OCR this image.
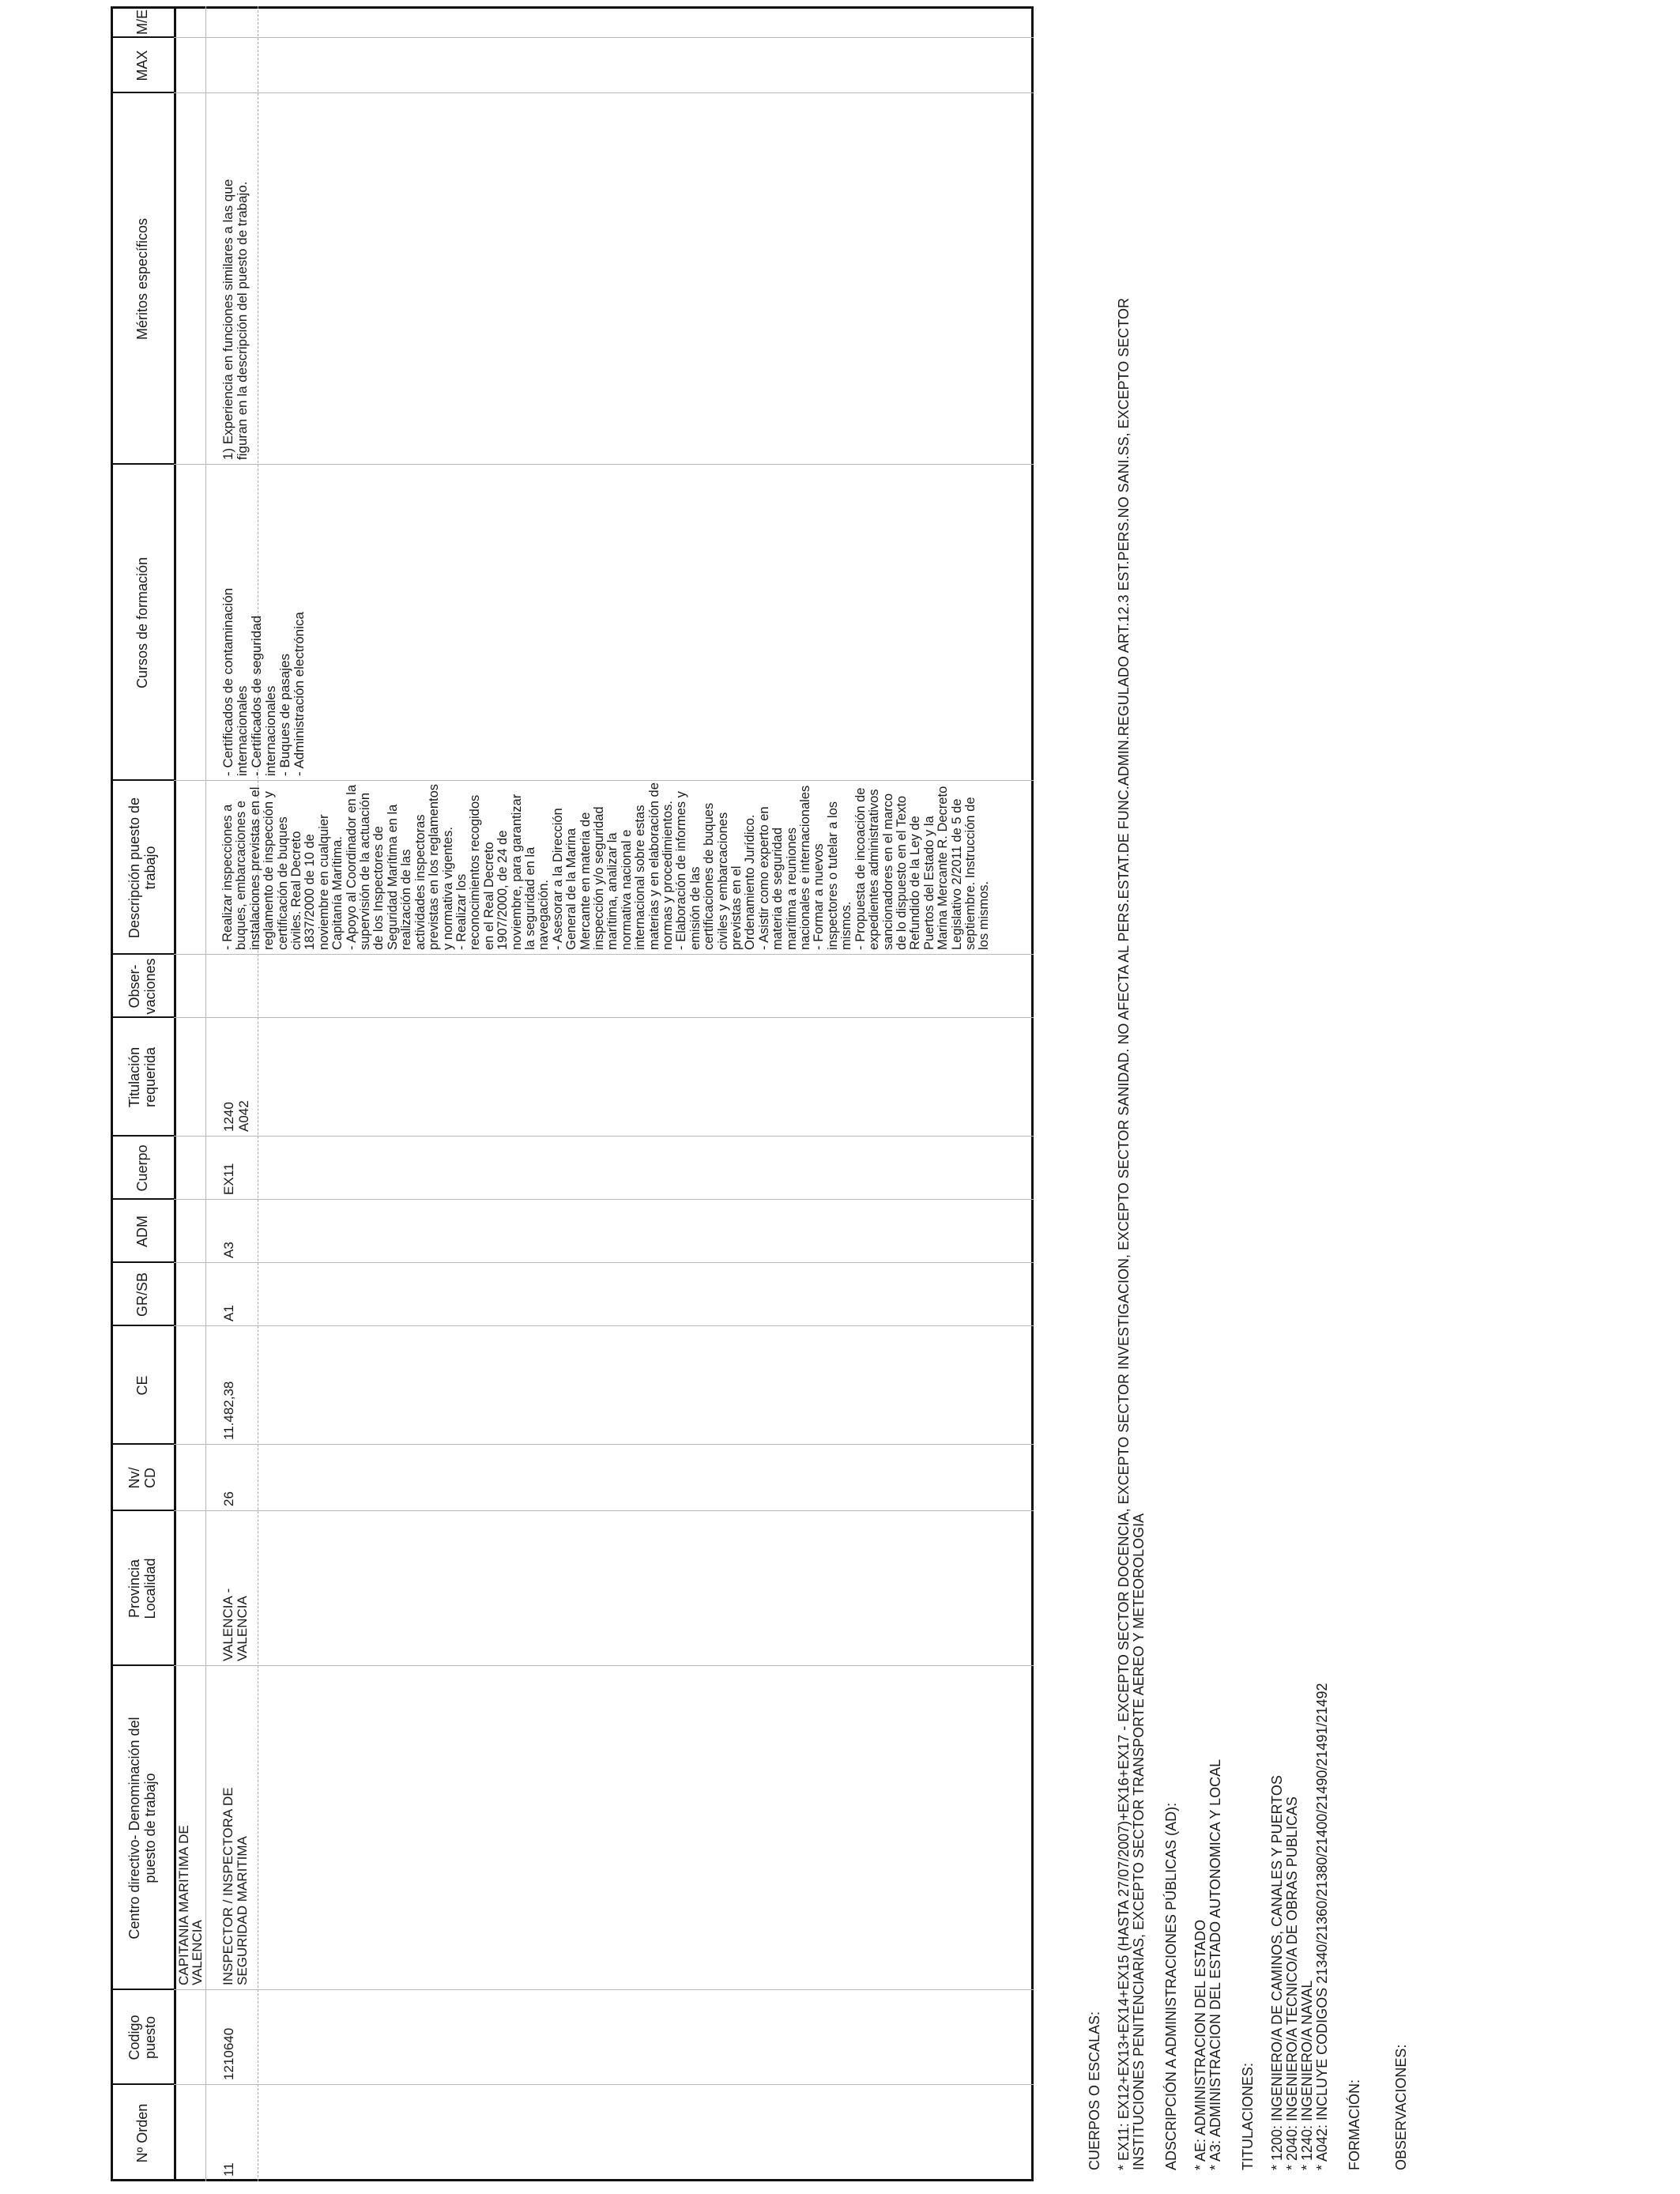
Nº Orden
Codigo puesto
Centro directivo- Denominación del puesto de trabajo
Provincia Localidad
Nv/ CD
CE
GR/SB
ADM
Cuerpo
Titulación requerida
Obser- vaciones
Descripción puesto de trabajo
Cursos de formación
Méritos específicos
MAX
M/E
CAPITANIA MARITIMA DE VALENCIA
11
1210640
INSPECTOR / INSPECTORA DE SEGURIDAD MARITIMA
VALENCIA - VALENCIA
26
11.482,38
A1
A3
EX11
1240
A042
- Realizar inspecciones a buques, embarcaciones e instalaciones previstas en el reglamento de inspección y certificación de buques civiles. Real Decreto 1837/2000 de 10 de noviembre en cualquier Capitanía Marítima.
- Apoyo al Coordinador en la supervisión de la actuación de los Inspectores de Seguridad Marítima en la realización de las actividades inspectoras previstas en los reglamentos y normativa vigentes.
- Realizar los reconocimientos recogidos en el Real Decreto 1907/2000, de 24 de noviembre, para garantizar la seguridad en la navegación.
- Asesorar a la Dirección General de la Marina Mercante en materia de inspección y/o seguridad marítima, analizar la normativa nacional e internacional sobre estas materias y en elaboración de normas y procedimientos.
- Elaboración de informes y emisión de las certificaciones de buques civiles y embarcaciones previstas en el Ordenamiento Jurídico.
- Asistir como experto en materia de seguridad marítima a reuniones nacionales e internacionales
- Formar a nuevos inspectores o tutelar a los mismos.
- Propuesta de incoación de expedientes administrativos sancionadores en el marco de lo dispuesto en el Texto Refundido de la Ley de Puertos del Estado y la Marina Mercante R. Decreto Legislativo 2/2011 de 5 de septiembre. Instrucción de los mismos.
- Certificados de contaminación internacionales
- Certificados de seguridad internacionales
- Buques de pasajes
- Administración electrónica
1) Experiencia en funciones similares a las que figuran en la descripción del puesto de trabajo.

CUERPOS O ESCALAS: * EX11: EX12+EX13+EX14+EX15 (HASTA 27/07/2007)+EX16+EX17 - EXCEPTO SECTOR DOCENCIA, EXCEPTO SECTOR INVESTIGACION, EXCEPTO SECTOR SANIDAD. NO AFECTA AL PERS.ESTAT.DE FUNC.ADMIN.REGULADO ART.12.3 EST.PERS.NO SANI.SS, EXCEPTO SECTOR INSTITUCIONES PENITENCIARIAS, EXCEPTO SECTOR TRANSPORTE AEREO Y METEOROLOGIA ADSCRIPCIÓN A ADMINISTRACIONES PÚBLICAS (AD): * AE: ADMINISTRACION DEL ESTADO * A3: ADMINISTRACION DEL ESTADO AUTONOMICA Y LOCAL TITULACIONES: * 1200: INGENIERO/A DE CAMINOS, CANALES Y PUERTOS * 2040: INGENIERO/A TECNICO/A DE OBRAS PUBLICAS * 1240: INGENIERO/A NAVAL * A042: INCLUYE CODIGOS 21340/21360/21380/21400/21490/21491/21492 FORMACIÓN: OBSERVACIONES:
